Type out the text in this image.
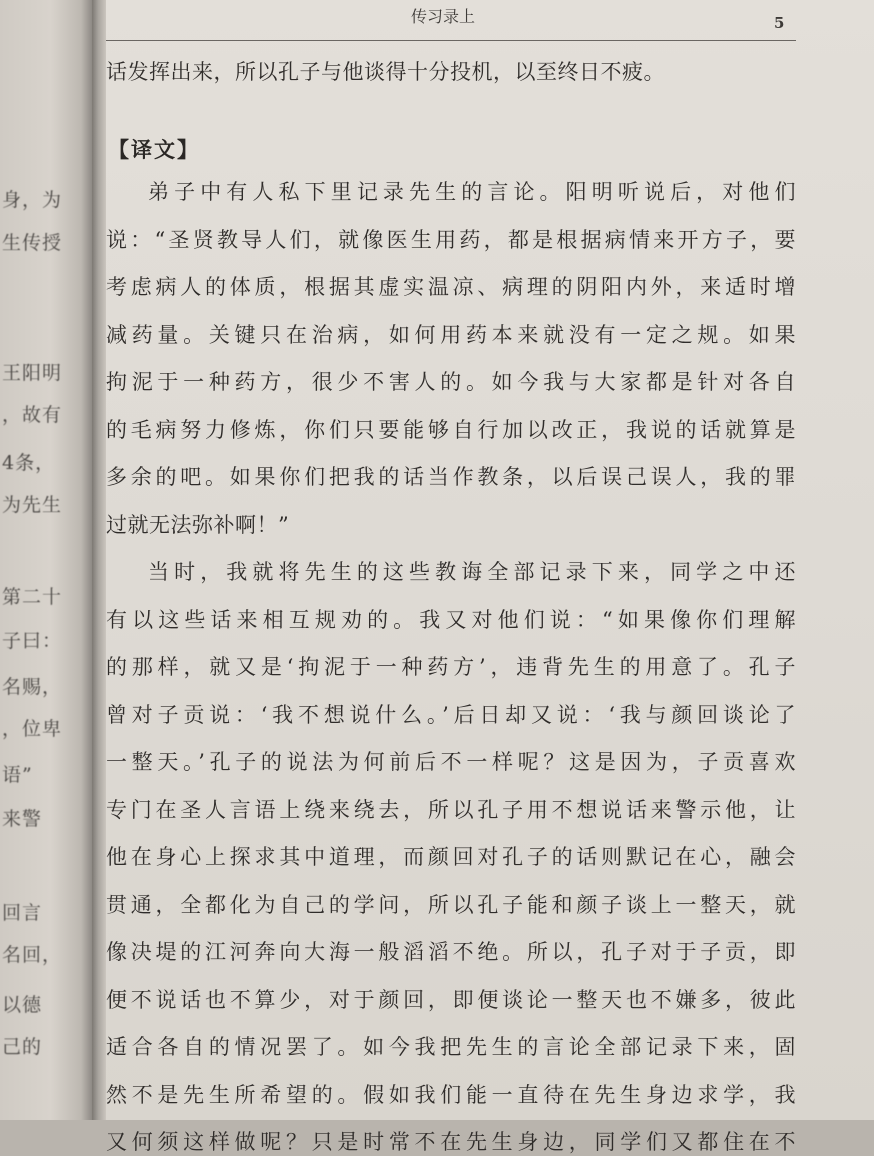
身，为
生传授
王阳明
，故有
4条，
为先生
第二十
子曰：
名赐，
，位卑
语”
来警
回言
名回，
以德
己的
传习录上	5
话发挥出来，所以孔子与他谈得十分投机，以至终日不疲。
【译文】
弟子中有人私下里记录先生的言论。阳明听说后，对他们
说：“圣贤教导人们，就像医生用药，都是根据病情来开方子，要
考虑病人的体质，根据其虚实温凉、病理的阴阳内外，来适时增
减药量。关键只在治病，如何用药本来就没有一定之规。如果
拘泥于一种药方，很少不害人的。如今我与大家都是针对各自
的毛病努力修炼，你们只要能够自行加以改正，我说的话就算是
多余的吧。如果你们把我的话当作教条，以后误己误人，我的罪
过就无法弥补啊！”
当时，我就将先生的这些教诲全部记录下来，同学之中还
有以这些话来相互规劝的。我又对他们说：“如果像你们理解
的那样，就又是‘拘泥于一种药方’，违背先生的用意了。孔子
曾对子贡说：‘我不想说什么。’后日却又说：‘我与颜回谈论了
一整天。’孔子的说法为何前后不一样呢？这是因为，子贡喜欢
专门在圣人言语上绕来绕去，所以孔子用不想说话来警示他，让
他在身心上探求其中道理，而颜回对孔子的话则默记在心，融会
贯通，全都化为自己的学问，所以孔子能和颜子谈上一整天，就
像决堤的江河奔向大海一般滔滔不绝。所以，孔子对于子贡，即
便不说话也不算少，对于颜回，即便谈论一整天也不嫌多，彼此
适合各自的情况罢了。如今我把先生的言论全部记录下来，固
然不是先生所希望的。假如我们能一直待在先生身边求学，我
又何须这样做呢？只是时常不在先生身边，同学们又都住在不
